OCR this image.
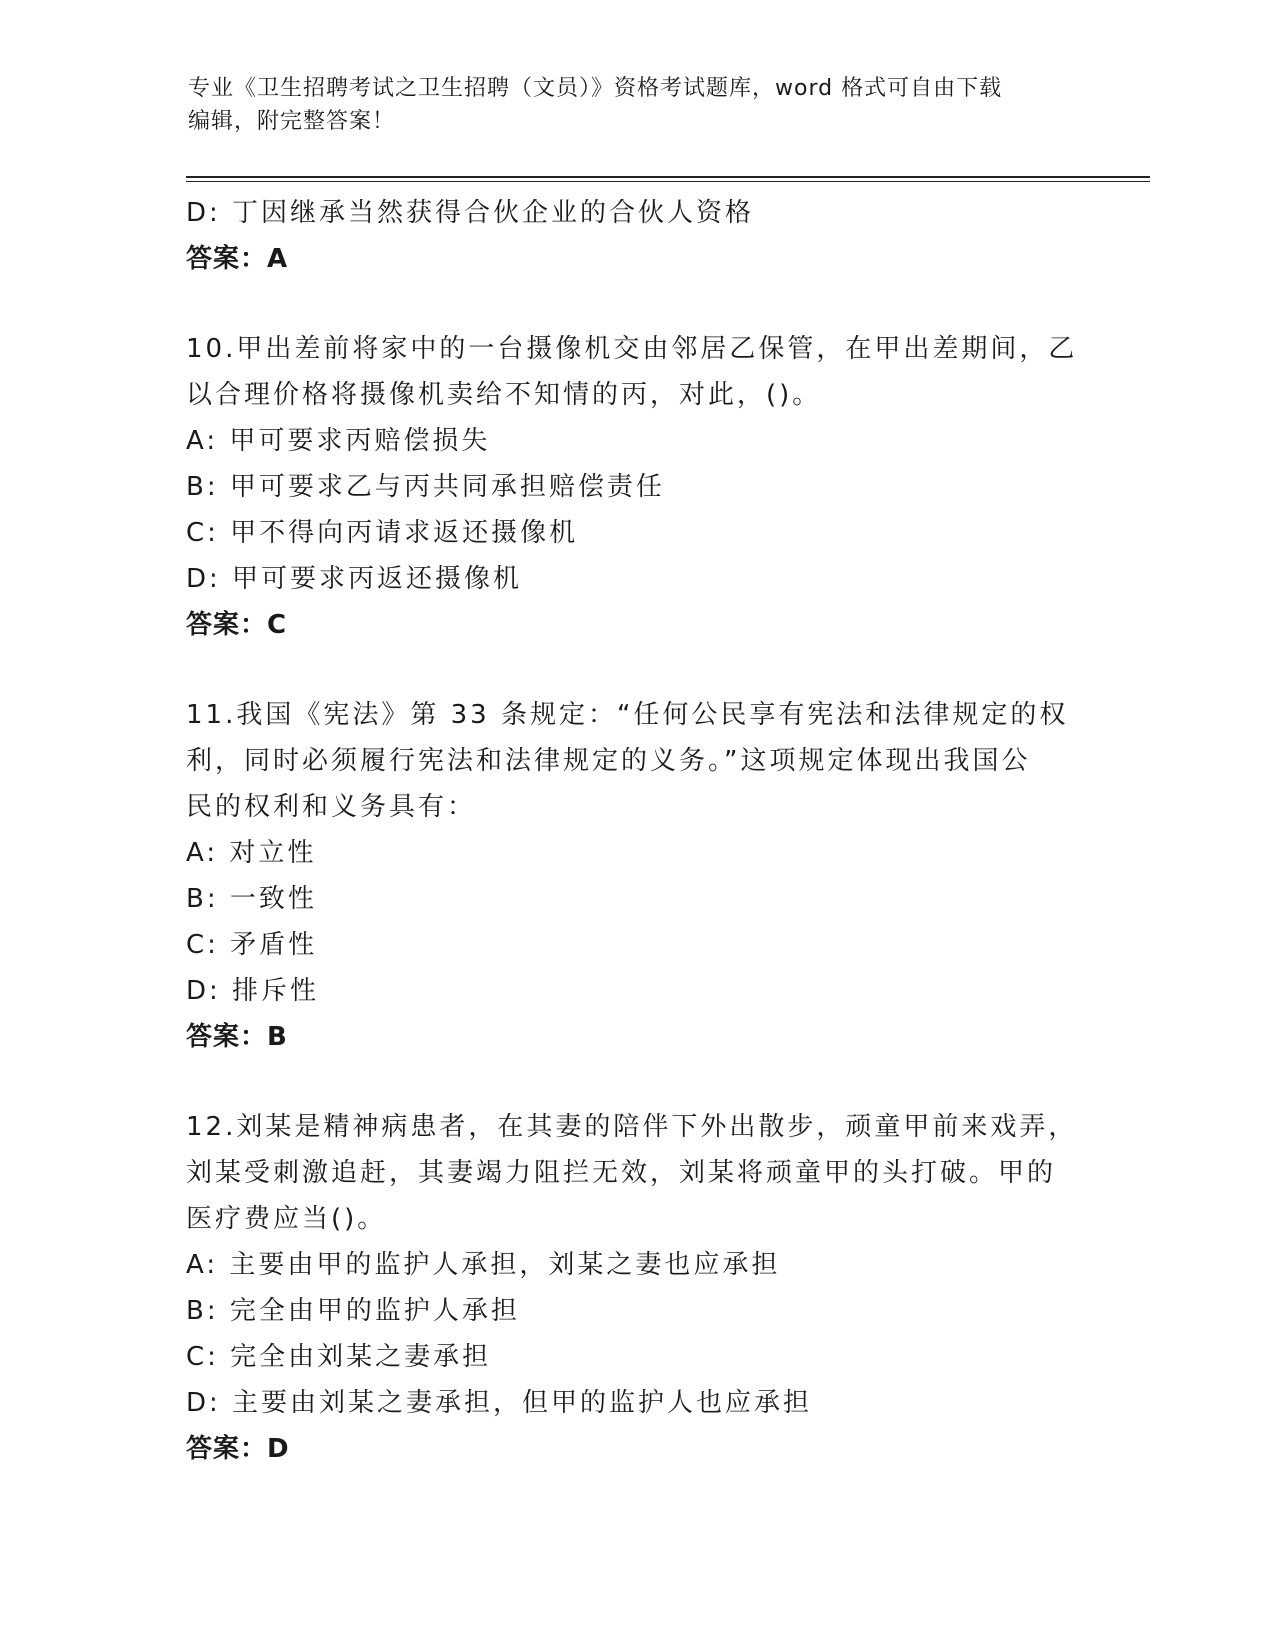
专业《卫生招聘考试之卫生招聘（文员）》资格考试题库，word 格式可自由下载
编辑，附完整答案！
D: 丁因继承当然获得合伙企业的合伙人资格
答案：A
10.甲出差前将家中的一台摄像机交由邻居乙保管，在甲出差期间，乙
以合理价格将摄像机卖给不知情的丙，对此，()。
A: 甲可要求丙赔偿损失
B: 甲可要求乙与丙共同承担赔偿责任
C: 甲不得向丙请求返还摄像机
D: 甲可要求丙返还摄像机
答案：C
11.我国《宪法》第 33 条规定：“任何公民享有宪法和法律规定的权
利，同时必须履行宪法和法律规定的义务。”这项规定体现出我国公
民的权利和义务具有：
A: 对立性
B: 一致性
C: 矛盾性
D: 排斥性
答案：B
12.刘某是精神病患者，在其妻的陪伴下外出散步，顽童甲前来戏弄，
刘某受刺激追赶，其妻竭力阻拦无效，刘某将顽童甲的头打破。甲的
医疗费应当()。
A: 主要由甲的监护人承担，刘某之妻也应承担
B: 完全由甲的监护人承担
C: 完全由刘某之妻承担
D: 主要由刘某之妻承担，但甲的监护人也应承担
答案：D
